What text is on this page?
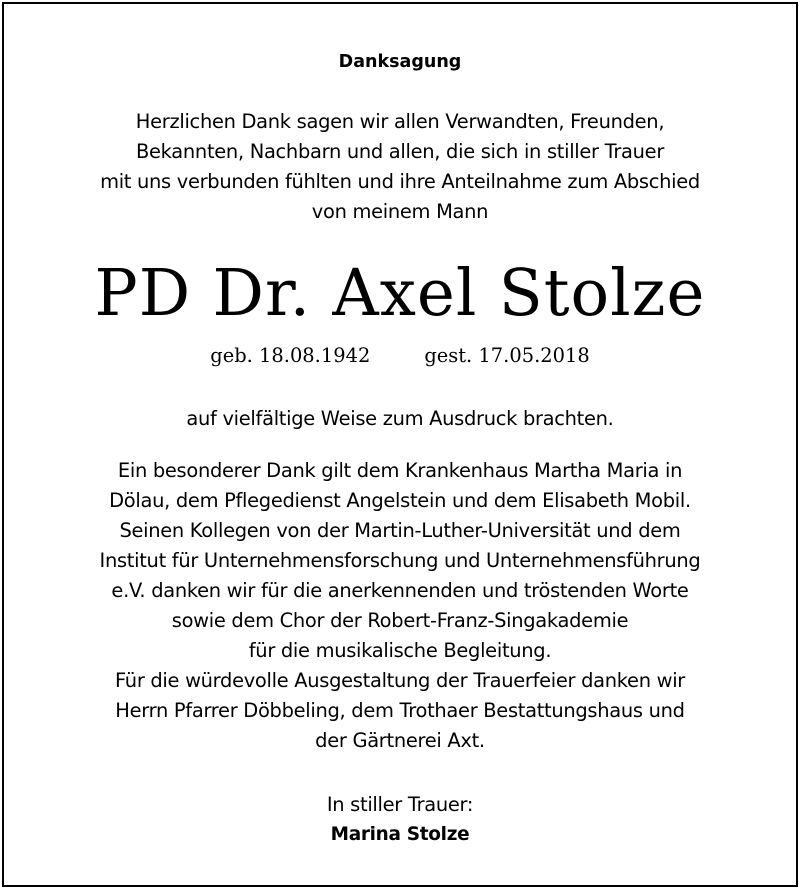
Danksagung
Herzlichen Dank sagen wir allen Verwandten, Freunden,
Bekannten, Nachbarn und allen, die sich in stiller Trauer
mit uns verbunden fühlten und ihre Anteilnahme zum Abschied
von meinem Mann
PD Dr. Axel Stolze
geb. 18.08.1942	gest. 17.05.2018
auf vielfältige Weise zum Ausdruck brachten.
Ein besonderer Dank gilt dem Krankenhaus Martha Maria in
Dölau, dem Pflegedienst Angelstein und dem Elisabeth Mobil.
Seinen Kollegen von der Martin-Luther-Universität und dem
Institut für Unternehmensforschung und Unternehmensführung
e.V. danken wir für die anerkennenden und tröstenden Worte
sowie dem Chor der Robert-Franz-Singakademie
für die musikalische Begleitung.
Für die würdevolle Ausgestaltung der Trauerfeier danken wir
Herrn Pfarrer Döbbeling, dem Trothaer Bestattungshaus und
der Gärtnerei Axt.
In stiller Trauer:
Marina Stolze
